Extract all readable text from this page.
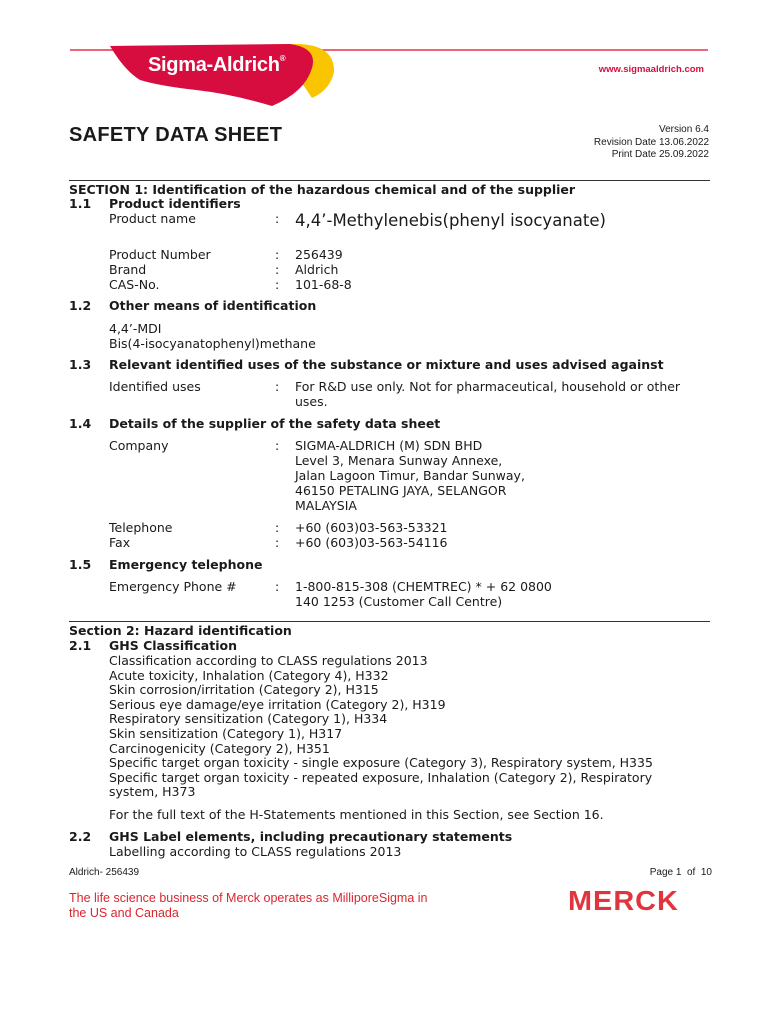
Sigma-Aldrich®
www.sigmaaldrich.com
SAFETY DATA SHEET	Version 6.4
Revision Date 13.06.2022
Print Date 25.09.2022
SECTION 1: Identification of the hazardous chemical and of the supplier
1.1 Product identifiers
Product name	: 4,4’-Methylenebis(phenyl isocyanate)
Product Number	: 256439
Brand	: Aldrich
CAS-No.	: 101-68-8
1.2 Other means of identification
4,4’-MDI
Bis(4-isocyanatophenyl)methane
1.3 Relevant identified uses of the substance or mixture and uses advised against
Identified uses	: For R&D use only. Not for pharmaceutical, household or other
uses.
1.4 Details of the supplier of the safety data sheet
Company	: SIGMA-ALDRICH (M) SDN BHD
Level 3, Menara Sunway Annexe,
Jalan Lagoon Timur, Bandar Sunway,
46150 PETALING JAYA, SELANGOR
MALAYSIA
Telephone	: +60 (603)03-563-53321
Fax	: +60 (603)03-563-54116
1.5 Emergency telephone
Emergency Phone #	: 1-800-815-308 (CHEMTREC) * + 62 0800
140 1253 (Customer Call Centre)
Section 2: Hazard identification
2.1 GHS Classification
Classification according to CLASS regulations 2013
Acute toxicity, Inhalation (Category 4), H332
Skin corrosion/irritation (Category 2), H315
Serious eye damage/eye irritation (Category 2), H319
Respiratory sensitization (Category 1), H334
Skin sensitization (Category 1), H317
Carcinogenicity (Category 2), H351
Specific target organ toxicity - single exposure (Category 3), Respiratory system, H335
Specific target organ toxicity - repeated exposure, Inhalation (Category 2), Respiratory
system, H373
For the full text of the H-Statements mentioned in this Section, see Section 16.
2.2 GHS Label elements, including precautionary statements
Labelling according to CLASS regulations 2013
Aldrich- 256439	Page 1  of  10
The life science business of Merck operates as MilliporeSigma in
the US and Canada	MERCK
